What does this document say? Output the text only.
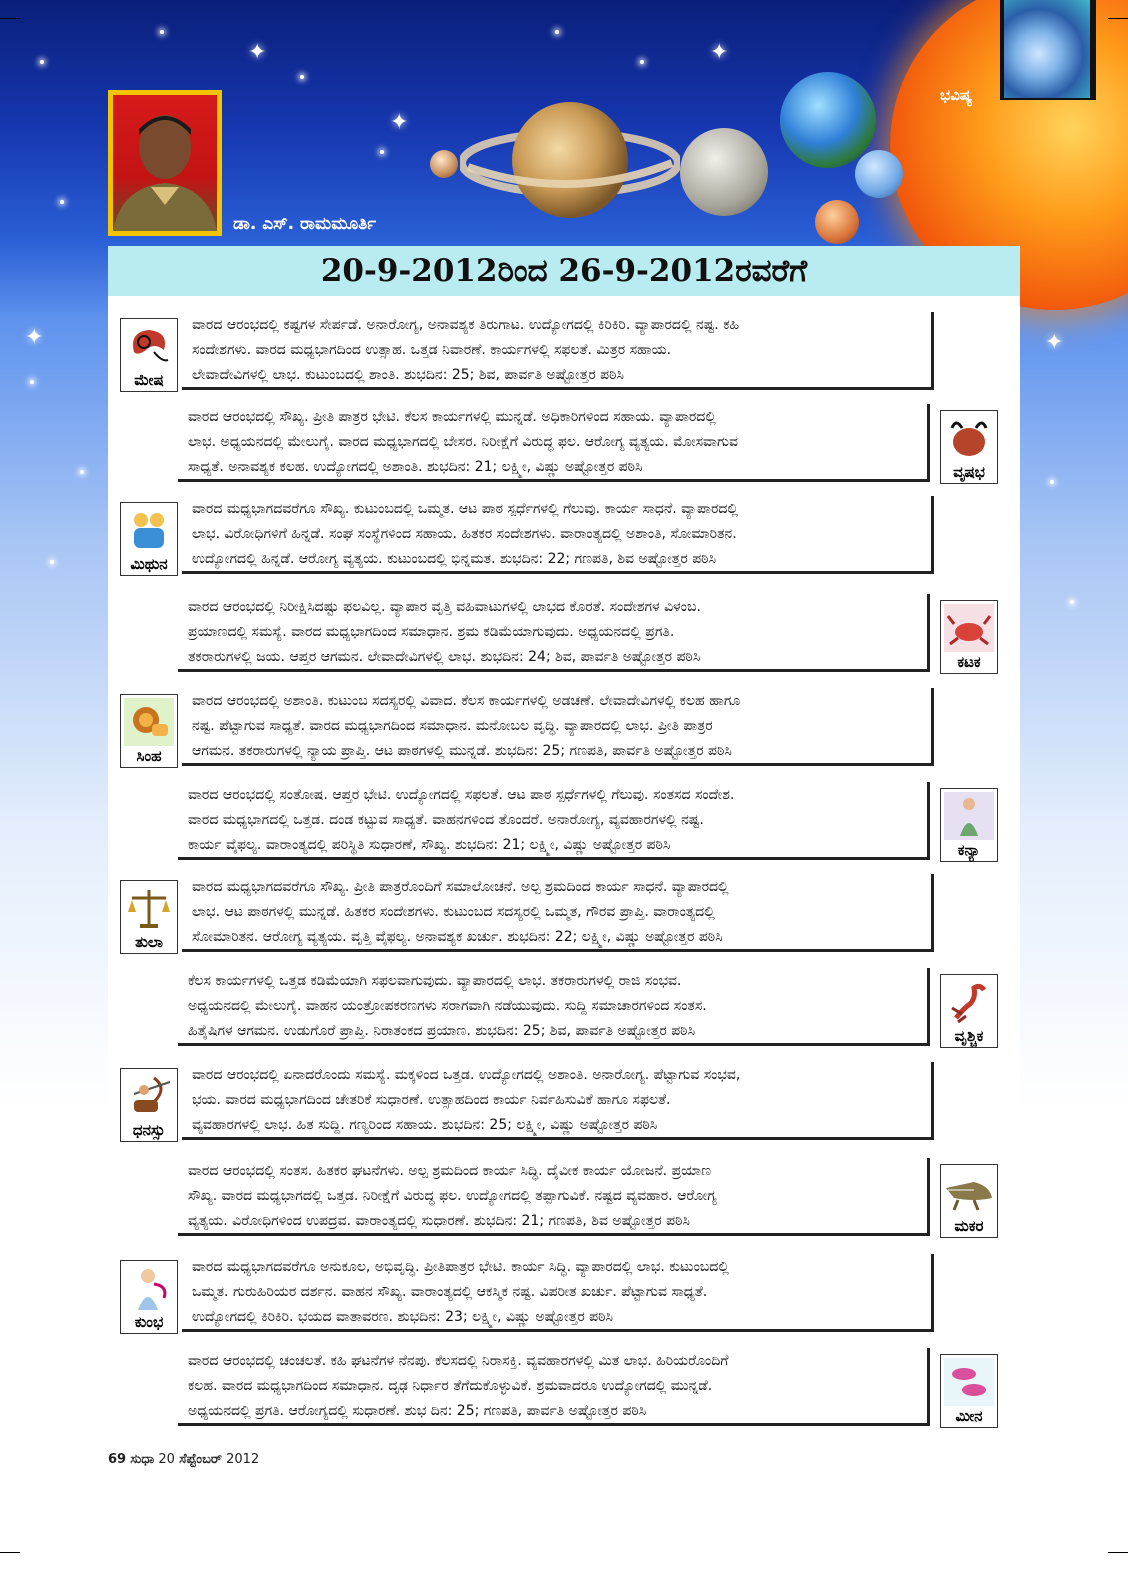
✦
✦
✦
✦	✦
ಭವಿಷ್ಯ
ಡಾ. ಎಸ್. ರಾಮಮೂರ್ತಿ
20-9-2012ರಿಂದ 26-9-2012ರವರೆಗೆ
ಮೇಷ
ವಾರದ ಆರಂಭದಲ್ಲಿ ಕಷ್ಟಗಳ ಸೇರ್ಪಡೆ. ಅನಾರೋಗ್ಯ, ಅನಾವಶ್ಯಕ ತಿರುಗಾಟ. ಉದ್ಯೋಗದಲ್ಲಿ ಕಿರಿಕಿರಿ. ವ್ಯಾಪಾರದಲ್ಲಿ ನಷ್ಟ. ಕಹಿ
ಸಂದೇಶಗಳು. ವಾರದ ಮಧ್ಯಭಾಗದಿಂದ ಉತ್ಸಾಹ. ಒತ್ತಡ ನಿವಾರಣೆ. ಕಾರ್ಯಗಳಲ್ಲಿ ಸಫಲತೆ. ಮಿತ್ರರ ಸಹಾಯ.
ಲೇವಾದೇವಿಗಳಲ್ಲಿ ಲಾಭ. ಕುಟುಂಬದಲ್ಲಿ ಶಾಂತಿ. ಶುಭದಿನ: 25; ಶಿವ, ಪಾರ್ವತಿ ಅಷ್ಟೋತ್ತರ ಪಠಿಸಿ
ವಾರದ ಆರಂಭದಲ್ಲಿ ಸೌಖ್ಯ. ಪ್ರೀತಿ ಪಾತ್ರರ ಭೇಟಿ. ಕೆಲಸ ಕಾರ್ಯಗಳಲ್ಲಿ ಮುನ್ನಡೆ. ಅಧಿಕಾರಿಗಳಿಂದ ಸಹಾಯ. ವ್ಯಾಪಾರದಲ್ಲಿ
ಲಾಭ. ಅಧ್ಯಯನದಲ್ಲಿ ಮೇಲುಗೈ. ವಾರದ ಮಧ್ಯಭಾಗದಲ್ಲಿ ಬೇಸರ. ನಿರೀಕ್ಷೆಗೆ ವಿರುದ್ಧ ಫಲ. ಆರೋಗ್ಯ ವ್ಯತ್ಯಯ. ಮೋಸವಾಗುವ
ಸಾಧ್ಯತೆ. ಅನಾವಶ್ಯಕ ಕಲಹ. ಉದ್ಯೋಗದಲ್ಲಿ ಅಶಾಂತಿ. ಶುಭದಿನ: 21; ಲಕ್ಷ್ಮೀ, ವಿಷ್ಣು ಅಷ್ಟೋತ್ತರ ಪಠಿಸಿ	ವೃಷಭ
ಮಿಥುನ
ವಾರದ ಮಧ್ಯಭಾಗದವರೆಗೂ ಸೌಖ್ಯ. ಕುಟುಂಬದಲ್ಲಿ ಒಮ್ಮತ. ಆಟ ಪಾಠ ಸ್ಪರ್ಧೆಗಳಲ್ಲಿ ಗೆಲುವು. ಕಾರ್ಯ ಸಾಧನೆ. ವ್ಯಾಪಾರದಲ್ಲಿ
ಲಾಭ. ವಿರೋಧಿಗಳಿಗೆ ಹಿನ್ನಡೆ. ಸಂಘ ಸಂಸ್ಥೆಗಳಿಂದ ಸಹಾಯ. ಹಿತಕರ ಸಂದೇಶಗಳು. ವಾರಾಂತ್ಯದಲ್ಲಿ ಅಶಾಂತಿ, ಸೋಮಾರಿತನ.
ಉದ್ಯೋಗದಲ್ಲಿ ಹಿನ್ನಡೆ. ಆರೋಗ್ಯ ವ್ಯತ್ಯಯ. ಕುಟುಂಬದಲ್ಲಿ ಭಿನ್ನಮತ. ಶುಭದಿನ: 22; ಗಣಪತಿ, ಶಿವ ಅಷ್ಟೋತ್ತರ ಪಠಿಸಿ
ವಾರದ ಆರಂಭದಲ್ಲಿ ನಿರೀಕ್ಷಿಸಿದಷ್ಟು ಫಲವಿಲ್ಲ. ವ್ಯಾಪಾರ ವೃತ್ತಿ ವಹಿವಾಟುಗಳಲ್ಲಿ ಲಾಭದ ಕೊರತೆ. ಸಂದೇಶಗಳ ವಿಳಂಬ.
ಪ್ರಯಾಣದಲ್ಲಿ ಸಮಸ್ಯೆ. ವಾರದ ಮಧ್ಯಭಾಗದಿಂದ ಸಮಾಧಾನ. ಶ್ರಮ ಕಡಿಮೆಯಾಗುವುದು. ಅಧ್ಯಯನದಲ್ಲಿ ಪ್ರಗತಿ.
ತಕರಾರುಗಳಲ್ಲಿ ಜಯ. ಆಪ್ತರ ಆಗಮನ. ಲೇವಾದೇವಿಗಳಲ್ಲಿ ಲಾಭ. ಶುಭದಿನ: 24; ಶಿವ, ಪಾರ್ವತಿ ಅಷ್ಟೋತ್ತರ ಪಠಿಸಿ	ಕಟಕ
ಸಿಂಹ
ವಾರದ ಆರಂಭದಲ್ಲಿ ಅಶಾಂತಿ. ಕುಟುಂಬ ಸದಸ್ಯರಲ್ಲಿ ವಿವಾದ. ಕೆಲಸ ಕಾರ್ಯಗಳಲ್ಲಿ ಅಡಚಣೆ. ಲೇವಾದೇವಿಗಳಲ್ಲಿ ಕಲಹ ಹಾಗೂ
ನಷ್ಟ. ಪೆಟ್ಟಾಗುವ ಸಾಧ್ಯತೆ. ವಾರದ ಮಧ್ಯಭಾಗದಿಂದ ಸಮಾಧಾನ. ಮನೋಬಲ ವೃದ್ಧಿ. ವ್ಯಾಪಾರದಲ್ಲಿ ಲಾಭ. ಪ್ರೀತಿ ಪಾತ್ರರ
ಆಗಮನ. ತಕರಾರುಗಳಲ್ಲಿ ನ್ಯಾಯ ಪ್ರಾಪ್ತಿ. ಆಟ ಪಾಠಗಳಲ್ಲಿ ಮುನ್ನಡೆ. ಶುಭದಿನ: 25; ಗಣಪತಿ, ಪಾರ್ವತಿ ಅಷ್ಟೋತ್ತರ ಪಠಿಸಿ
ವಾರದ ಆರಂಭದಲ್ಲಿ ಸಂತೋಷ. ಆಪ್ತರ ಭೇಟಿ. ಉದ್ಯೋಗದಲ್ಲಿ ಸಫಲತೆ. ಆಟ ಪಾಠ ಸ್ಪರ್ಧೆಗಳಲ್ಲಿ ಗೆಲುವು. ಸಂತಸದ ಸಂದೇಶ.
ವಾರದ ಮಧ್ಯಭಾಗದಲ್ಲಿ ಒತ್ತಡ. ದಂಡ ಕಟ್ಟುವ ಸಾಧ್ಯತೆ. ವಾಹನಗಳಿಂದ ತೊಂದರೆ. ಅನಾರೋಗ್ಯ, ವ್ಯವಹಾರಗಳಲ್ಲಿ ನಷ್ಟ.
ಕಾರ್ಯ ವೈಫಲ್ಯ. ವಾರಾಂತ್ಯದಲ್ಲಿ ಪರಿಸ್ಥಿತಿ ಸುಧಾರಣೆ, ಸೌಖ್ಯ. ಶುಭದಿನ: 21; ಲಕ್ಷ್ಮೀ, ವಿಷ್ಣು ಅಷ್ಟೋತ್ತರ ಪಠಿಸಿ	ಕನ್ಯಾ
ತುಲಾ
ವಾರದ ಮಧ್ಯಭಾಗದವರೆಗೂ ಸೌಖ್ಯ. ಪ್ರೀತಿ ಪಾತ್ರರೊಂದಿಗೆ ಸಮಾಲೋಚನೆ. ಅಲ್ಪ ಶ್ರಮದಿಂದ ಕಾರ್ಯ ಸಾಧನೆ. ವ್ಯಾಪಾರದಲ್ಲಿ
ಲಾಭ. ಆಟ ಪಾಠಗಳಲ್ಲಿ ಮುನ್ನಡೆ. ಹಿತಕರ ಸಂದೇಶಗಳು. ಕುಟುಂಬದ ಸದಸ್ಯರಲ್ಲಿ ಒಮ್ಮತ, ಗೌರವ ಪ್ರಾಪ್ತಿ. ವಾರಾಂತ್ಯದಲ್ಲಿ
ಸೋಮಾರಿತನ. ಆರೋಗ್ಯ ವ್ಯತ್ಯಯ. ವೃತ್ತಿ ವೈಫಲ್ಯ. ಅನಾವಶ್ಯಕ ಖರ್ಚು. ಶುಭದಿನ: 22; ಲಕ್ಷ್ಮೀ, ವಿಷ್ಣು ಅಷ್ಟೋತ್ತರ ಪಠಿಸಿ
ಕೆಲಸ ಕಾರ್ಯಗಳಲ್ಲಿ ಒತ್ತಡ ಕಡಿಮೆಯಾಗಿ ಸಫಲವಾಗುವುದು. ವ್ಯಾಪಾರದಲ್ಲಿ ಲಾಭ. ತಕರಾರುಗಳಲ್ಲಿ ರಾಜಿ ಸಂಭವ.
ಅಧ್ಯಯನದಲ್ಲಿ ಮೇಲುಗೈ. ವಾಹನ ಯಂತ್ರೋಪಕರಣಗಳು ಸರಾಗವಾಗಿ ನಡೆಯುವುದು. ಸುದ್ದಿ ಸಮಾಚಾರಗಳಿಂದ ಸಂತಸ.
ಹಿತೈಷಿಗಳ ಆಗಮನ. ಉಡುಗೊರೆ ಪ್ರಾಪ್ತಿ. ನಿರಾತಂಕದ ಪ್ರಯಾಣ. ಶುಭದಿನ: 25; ಶಿವ, ಪಾರ್ವತಿ ಅಷ್ಟೋತ್ತರ ಪಠಿಸಿ	ವೃಶ್ಚಿಕ
ಧನಸ್ಸು
ವಾರದ ಆರಂಭದಲ್ಲಿ ಏನಾದರೊಂದು ಸಮಸ್ಯೆ. ಮಕ್ಕಳಿಂದ ಒತ್ತಡ. ಉದ್ಯೋಗದಲ್ಲಿ ಅಶಾಂತಿ. ಅನಾರೋಗ್ಯ. ಪೆಟ್ಟಾಗುವ ಸಂಭವ,
ಭಯ. ವಾರದ ಮಧ್ಯಭಾಗದಿಂದ ಚೇತರಿಕೆ ಸುಧಾರಣೆ. ಉತ್ಸಾಹದಿಂದ ಕಾರ್ಯ ನಿರ್ವಹಿಸುವಿಕೆ ಹಾಗೂ ಸಫಲತೆ.
ವ್ಯವಹಾರಗಳಲ್ಲಿ ಲಾಭ. ಹಿತ ಸುದ್ದಿ. ಗಣ್ಯರಿಂದ ಸಹಾಯ. ಶುಭದಿನ: 25; ಲಕ್ಷ್ಮೀ, ವಿಷ್ಣು ಅಷ್ಟೋತ್ತರ ಪಠಿಸಿ
ವಾರದ ಆರಂಭದಲ್ಲಿ ಸಂತಸ. ಹಿತಕರ ಘಟನೆಗಳು. ಅಲ್ಪ ಶ್ರಮದಿಂದ ಕಾರ್ಯ ಸಿದ್ಧಿ. ದೈವೀಕ ಕಾರ್ಯ ಯೋಜನೆ. ಪ್ರಯಾಣ
ಸೌಖ್ಯ. ವಾರದ ಮಧ್ಯಭಾಗದಲ್ಲಿ ಒತ್ತಡ. ನಿರೀಕ್ಷೆಗೆ ವಿರುದ್ಧ ಫಲ. ಉದ್ಯೋಗದಲ್ಲಿ ತಪ್ಪಾಗುವಿಕೆ. ನಷ್ಟದ ವ್ಯವಹಾರ. ಆರೋಗ್ಯ
ವ್ಯತ್ಯಯ. ವಿರೋಧಿಗಳಿಂದ ಉಪದ್ರವ. ವಾರಾಂತ್ಯದಲ್ಲಿ ಸುಧಾರಣೆ. ಶುಭದಿನ: 21; ಗಣಪತಿ, ಶಿವ ಅಷ್ಟೋತ್ತರ ಪಠಿಸಿ	ಮಕರ
ಕುಂಭ
ವಾರದ ಮಧ್ಯಭಾಗದವರೆಗೂ ಅನುಕೂಲ, ಅಭಿವೃದ್ಧಿ. ಪ್ರೀತಿಪಾತ್ರರ ಭೇಟಿ. ಕಾರ್ಯ ಸಿದ್ಧಿ. ವ್ಯಾಪಾರದಲ್ಲಿ ಲಾಭ. ಕುಟುಂಬದಲ್ಲಿ
ಒಮ್ಮತ. ಗುರುಹಿರಿಯರ ದರ್ಶನ. ವಾಹನ ಸೌಖ್ಯ. ವಾರಾಂತ್ಯದಲ್ಲಿ ಆಕಸ್ಮಿಕ ನಷ್ಟ. ವಿಪರೀತ ಖರ್ಚು. ಪೆಟ್ಟಾಗುವ ಸಾಧ್ಯತೆ.
ಉದ್ಯೋಗದಲ್ಲಿ ಕಿರಿಕಿರಿ. ಭಯದ ವಾತಾವರಣ. ಶುಭದಿನ: 23; ಲಕ್ಷ್ಮೀ, ವಿಷ್ಣು ಅಷ್ಟೋತ್ತರ ಪಠಿಸಿ
ವಾರದ ಆರಂಭದಲ್ಲಿ ಚಂಚಲತೆ. ಕಹಿ ಘಟನೆಗಳ ನೆನಪು. ಕೆಲಸದಲ್ಲಿ ನಿರಾಸಕ್ತಿ. ವ್ಯವಹಾರಗಳಲ್ಲಿ ಮಿತ ಲಾಭ. ಹಿರಿಯರೊಂದಿಗೆ
ಕಲಹ. ವಾರದ ಮಧ್ಯಭಾಗದಿಂದ ಸಮಾಧಾನ. ದೃಢ ನಿರ್ಧಾರ ತೆಗೆದುಕೊಳ್ಳುವಿಕೆ. ಶ್ರಮವಾದರೂ ಉದ್ಯೋಗದಲ್ಲಿ ಮುನ್ನಡೆ.
ಅಧ್ಯಯನದಲ್ಲಿ ಪ್ರಗತಿ. ಆರೋಗ್ಯದಲ್ಲಿ ಸುಧಾರಣೆ. ಶುಭ ದಿನ: 25; ಗಣಪತಿ, ಪಾರ್ವತಿ ಅಷ್ಟೋತ್ತರ ಪಠಿಸಿ	ಮೀನ
69 ಸುಧಾ 20 ಸೆಪ್ಟೆಂಬರ್ 2012
